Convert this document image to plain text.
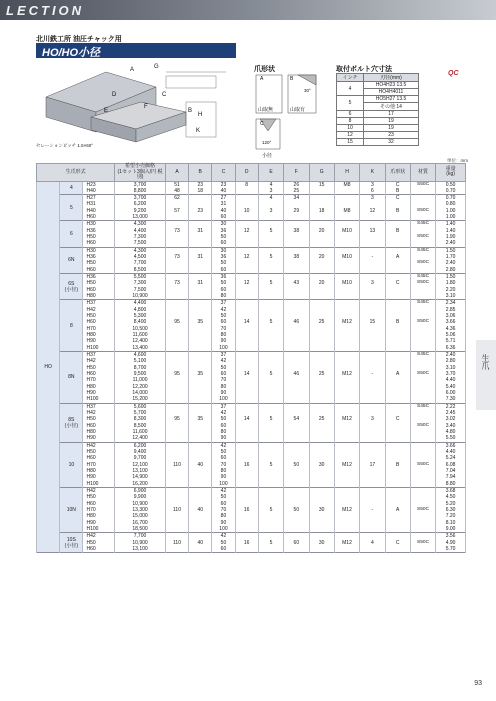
LECTION
北川鉄工所 油圧チャック用
HO/HO小径
QC
A
B
C
D
E
F
G
H
K
セレーションピッチ 1.5×60°
爪形状
A	B
C
30°
120°
山取無	山取有
小径
取付ボルト穴寸法
インチ	刃径(mm)
4	HO4H23 13.5
	HO4H4011
5	HO5H27 13.5
	その他 14
6	17
8	19
10	19
12	23
15	32
単位：mm
生爪形式			希望小売価格
(1セット3個入/円 税別)	A	B	C	D	E	F	G	H	K	爪形状	材質	重量
(kg)
HO	4	H23	3,700	51	23	23	8	4	26	15	M8	3	C	S50C	0.50
		H40	8,800	48	18	40		3	25			6	B		0.70
	5	H27	3,700	62		27		4	34			3	C		0.70
		H31	6,200			31									0.80
		H40	9,200	57	23	40	10	3	29	18	M8	12	B	S50C	1.00
		H60	13,000			60									1.00
	6	H30	4,300			30								S45C	1.40
		H36	4,400	73	31	36	12	5	38	20	M10	13	B		1.40
		H50	7,300			50								S50C	1.90
		H60	7,500			60									2.40
	6N	H30	4,300			30								S45C	1.50
		H36	4,500	73	31	36	12	5	38	20	M10	-	A		1.70
		H50	7,700			50								S50C	2.40
		H60	8,500			60									2.80
	6S
(小径)	H36	5,500			36								S45C	1.50
		H50	7,300	73	31	50	12	5	43	20	M10	3	C	S50C	1.80
		H60	7,500			60									2.20
		H80	10,900			80									3.10
	8	H37	4,400			37								S45C	2.34
		H42	4,800			42									2.85
		H50	5,300			50									3.06
		H60	8,400	95	35	60	14	5	46	25	M12	15	B	S50C	3.66
		H70	10,500			70									4.36
		H80	11,600			80									5.06
		H90	12,400			90									5.71
		H100	13,400			100									6.36
	8N	H37	4,600			37								S45C	2.40
		H42	5,100			42									2.80
		H50	8,700			50									3.10
		H60	9,500	95	35	60	14	5	46	25	M12	-	A	S50C	3.70
		H70	11,000			70									4.40
		H80	12,200			80									5.40
		H90	14,000			90									6.00
		H100	15,200			100									7.30
	8S
(小径)	H37	5,600			37								S45C	2.22
		H42	5,700			42									2.45
		H50	8,300	95	35	50	14	5	54	25	M12	3	C		3.02
		H60	8,500			60								S50C	3.40
		H80	11,600			80									4.80
		H90	12,400			90									5.50
	10	H42	6,200			42									3.66
		H50	9,400			50									4.40
		H60	9,700			60									5.24
		H70	12,100	110	40	70	16	5	50	30	M12	17	B	S50C	6.08
		H80	13,100			80									7.04
		H90	14,900			90									7.94
		H100	16,200			100									8.80
	10N	H42	6,900			42									3.68
		H50	9,900			50									4.50
		H60	10,900			60									5.20
		H70	13,300	110	40	70	16	5	50	30	M12	-	A	S50C	6.30
		H80	15,000			80									7.20
		H90	16,700			90									8.10
		H100	18,500			100									9.00
	10S
(小径)	H42	7,700			42									3.56
		H50	10,900	110	40	50	16	5	60	30	M12	4	C	S50C	4.90
		H60	13,100			60									5.70
生爪
93
